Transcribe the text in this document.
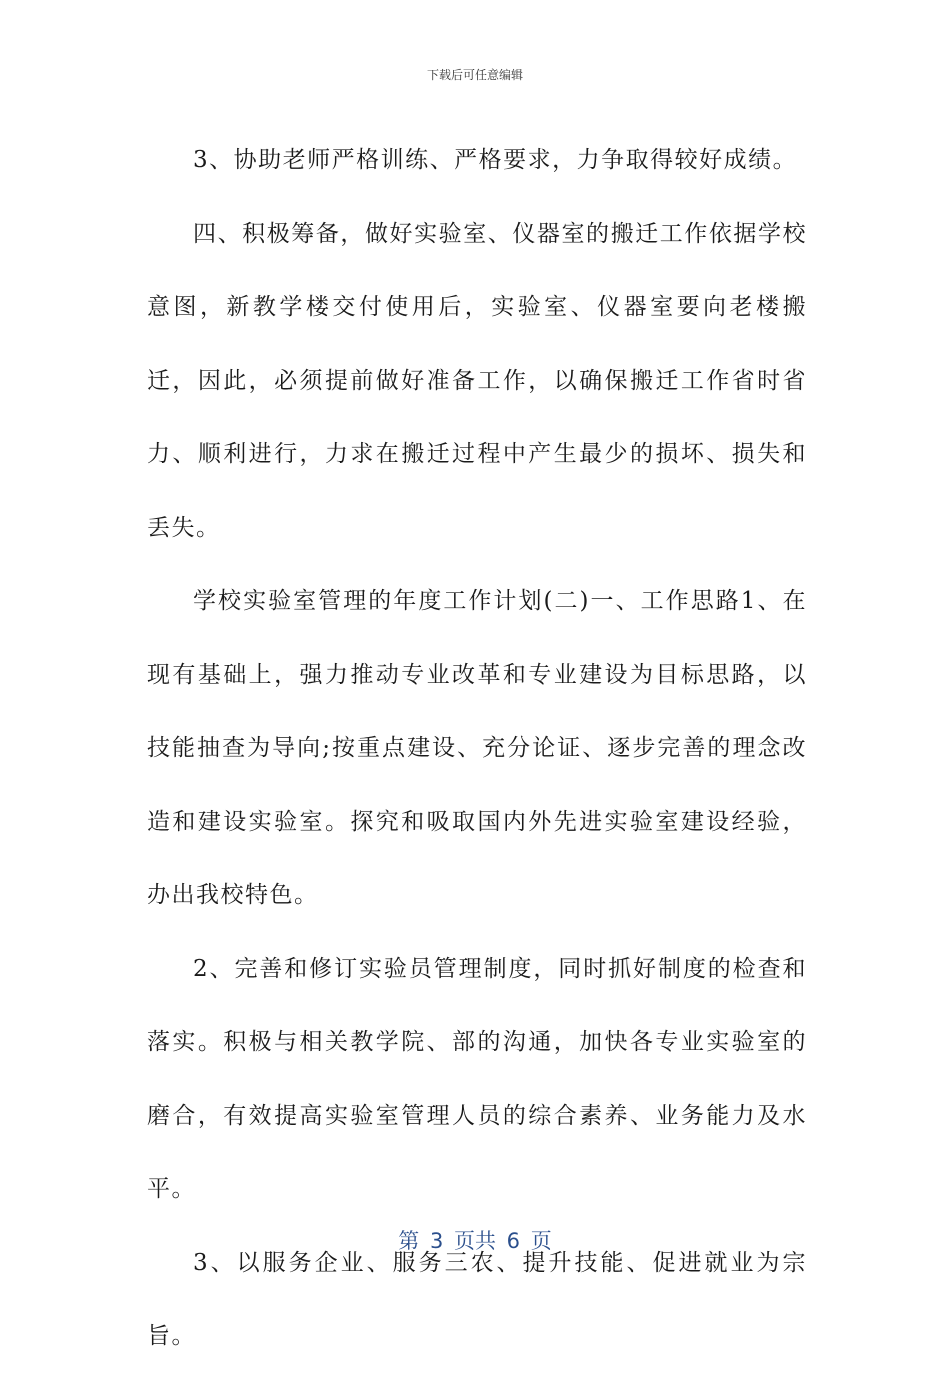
下载后可任意编辑

3、协助老师严格训练、严格要求，力争取得较好成绩。

四、积极筹备，做好实验室、仪器室的搬迁工作依据学校意图，新教学楼交付使用后，实验室、仪器室要向老楼搬迁，因此，必须提前做好准备工作，以确保搬迁工作省时省力、顺利进行，力求在搬迁过程中产生最少的损坏、损失和丢失。

学校实验室管理的年度工作计划(二)一、工作思路1、在现有基础上，强力推动专业改革和专业建设为目标思路，以技能抽查为导向;按重点建设、充分论证、逐步完善的理念改造和建设实验室。探究和吸取国内外先进实验室建设经验，办出我校特色。

2、完善和修订实验员管理制度，同时抓好制度的检查和落实。积极与相关教学院、部的沟通，加快各专业实验室的磨合，有效提高实验室管理人员的综合素养、业务能力及水平。

3、以服务企业、服务三农、提升技能、促进就业为宗旨。

第 3 页共 6 页
